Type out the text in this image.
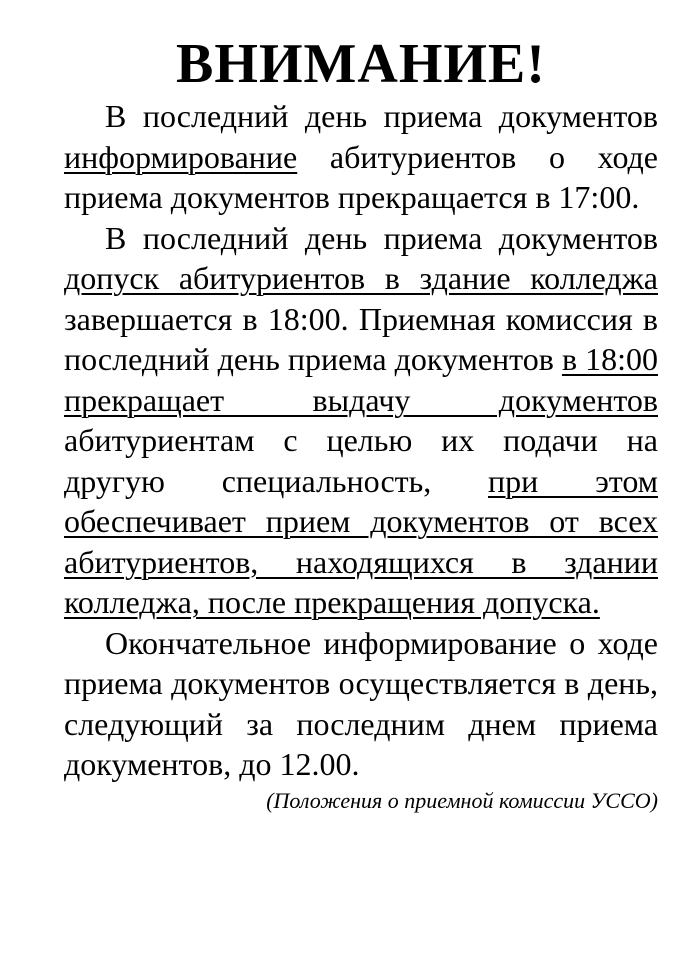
ВНИМАНИЕ!

В последний день приема документов информирование абитуриентов о ходе приема документов прекращается в 17:00.

В последний день приема документов допуск абитуриентов в здание колледжа завершается в 18:00. Приемная комиссия в последний день приема документов в 18:00 прекращает выдачу документов абитуриентам с целью их подачи на другую специальность, при этом обеспечивает прием документов от всех абитуриентов, находящихся в здании колледжа, после прекращения допуска.

Окончательное информирование о ходе приема документов осуществляется в день, следующий за последним днем приема документов, до 12.00.

(Положения о приемной комиссии УССО)
